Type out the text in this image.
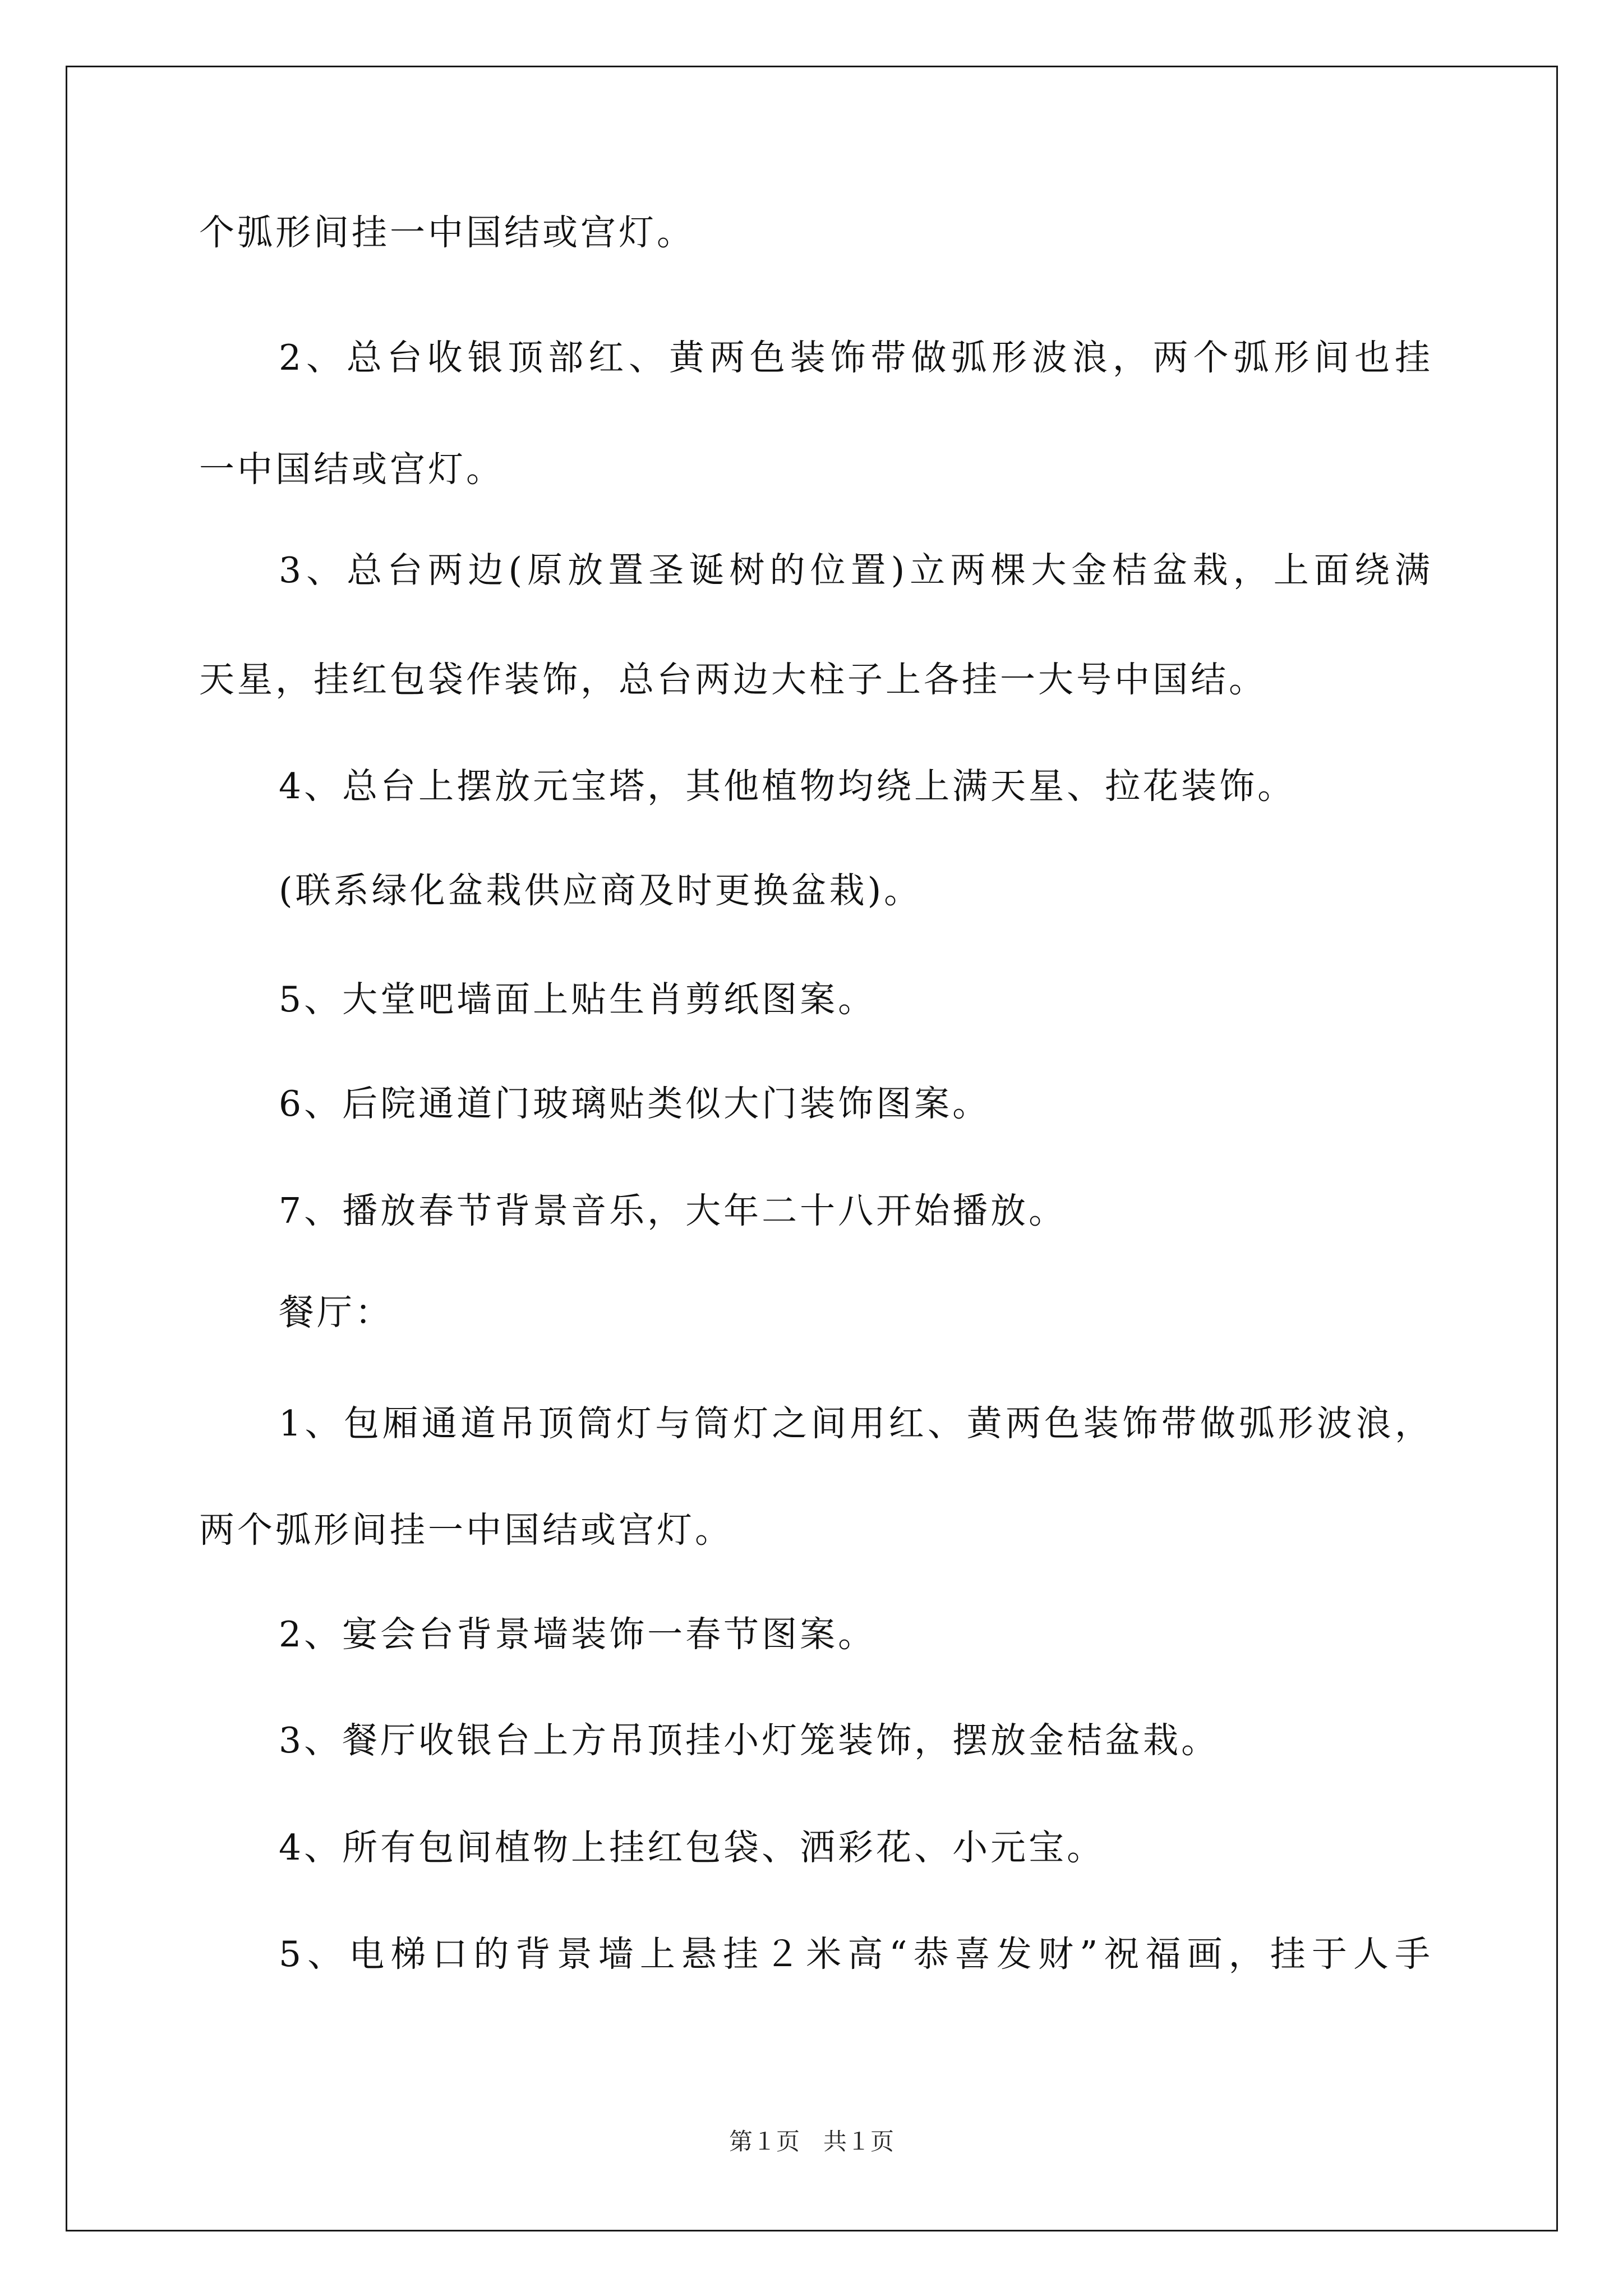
个弧形间挂一中国结或宫灯。
2、总台收银顶部红、黄两色装饰带做弧形波浪，两个弧形间也挂
一中国结或宫灯。
3、总台两边(原放置圣诞树的位置)立两棵大金桔盆栽，上面绕满
天星，挂红包袋作装饰，总台两边大柱子上各挂一大号中国结。
4、总台上摆放元宝塔，其他植物均绕上满天星、拉花装饰。
(联系绿化盆栽供应商及时更换盆栽)。
5、大堂吧墙面上贴生肖剪纸图案。
6、后院通道门玻璃贴类似大门装饰图案。
7、播放春节背景音乐，大年二十八开始播放。
餐厅：
1、包厢通道吊顶筒灯与筒灯之间用红、黄两色装饰带做弧形波浪，
两个弧形间挂一中国结或宫灯。
2、宴会台背景墙装饰一春节图案。
3、餐厅收银台上方吊顶挂小灯笼装饰，摆放金桔盆栽。
4、所有包间植物上挂红包袋、洒彩花、小元宝。
5、电梯口的背景墙上悬挂２米高“恭喜发财”祝福画，挂于人手
第１页　共１页
